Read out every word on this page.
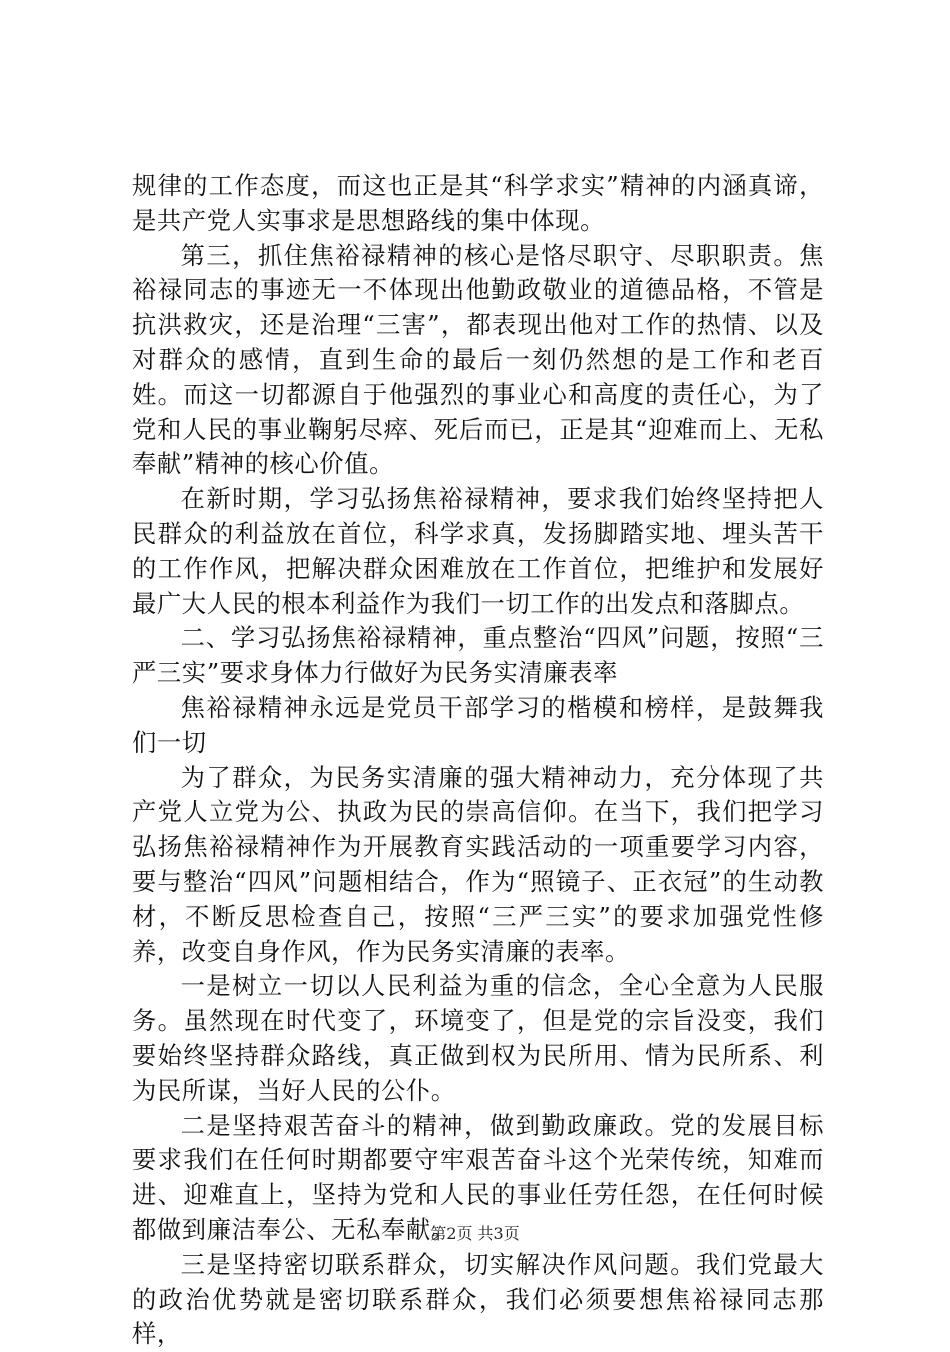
规律的工作态度，而这也正是其“科学求实”精神的内涵真谛，是共产党人实事求是思想路线的集中体现。

第三，抓住焦裕禄精神的核心是恪尽职守、尽职职责。焦裕禄同志的事迹无一不体现出他勤政敬业的道德品格，不管是抗洪救灾，还是治理“三害”，都表现出他对工作的热情、以及对群众的感情，直到生命的最后一刻仍然想的是工作和老百姓。而这一切都源自于他强烈的事业心和高度的责任心，为了党和人民的事业鞠躬尽瘁、死后而已，正是其“迎难而上、无私奉献”精神的核心价值。

在新时期，学习弘扬焦裕禄精神，要求我们始终坚持把人民群众的利益放在首位，科学求真，发扬脚踏实地、埋头苦干的工作作风，把解决群众困难放在工作首位，把维护和发展好最广大人民的根本利益作为我们一切工作的出发点和落脚点。

二、学习弘扬焦裕禄精神，重点整治“四风”问题，按照“三严三实”要求身体力行做好为民务实清廉表率

焦裕禄精神永远是党员干部学习的楷模和榜样，是鼓舞我们一切

为了群众，为民务实清廉的强大精神动力，充分体现了共产党人立党为公、执政为民的崇高信仰。在当下，我们把学习弘扬焦裕禄精神作为开展教育实践活动的一项重要学习内容，要与整治“四风”问题相结合，作为“照镜子、正衣冠”的生动教材，不断反思检查自己，按照“三严三实”的要求加强党性修养，改变自身作风，作为民务实清廉的表率。

一是树立一切以人民利益为重的信念，全心全意为人民服务。虽然现在时代变了，环境变了，但是党的宗旨没变，我们要始终坚持群众路线，真正做到权为民所用、情为民所系、利为民所谋，当好人民的公仆。

二是坚持艰苦奋斗的精神，做到勤政廉政。党的发展目标要求我们在任何时期都要守牢艰苦奋斗这个光荣传统，知难而进、迎难直上，坚持为党和人民的事业任劳任怨，在任何时候都做到廉洁奉公、无私奉献。

三是坚持密切联系群众，切实解决作风问题。我们党最大的政治优势就是密切联系群众，我们必须要想焦裕禄同志那样，

第2页 共3页
